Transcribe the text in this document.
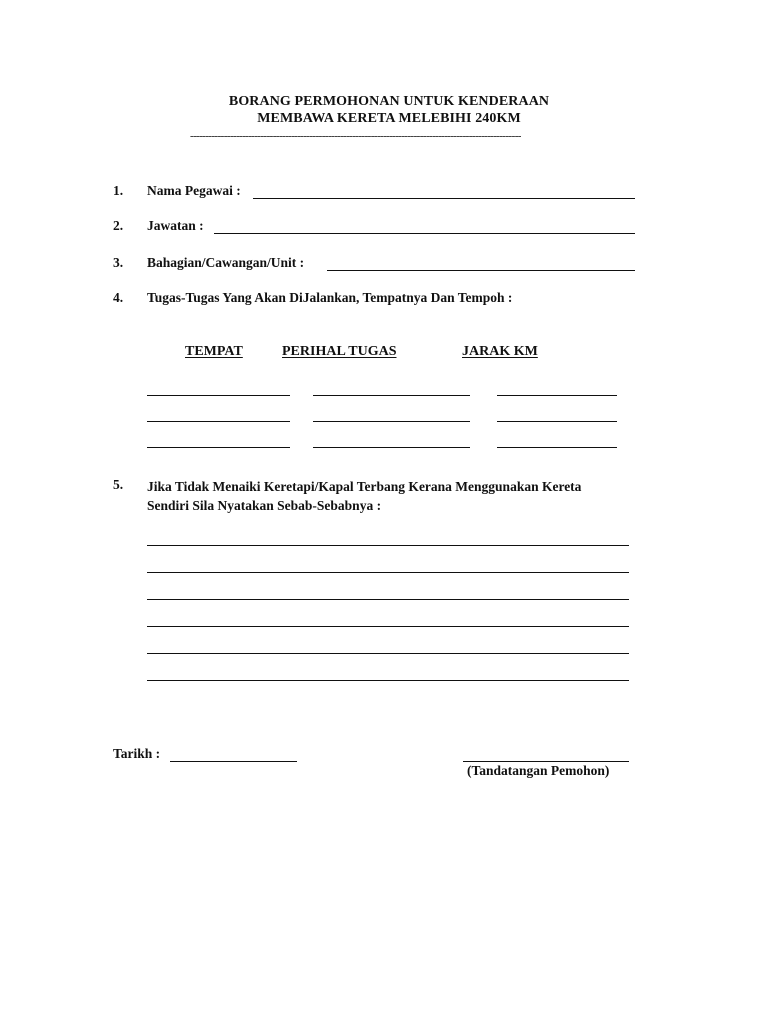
BORANG PERMOHONAN UNTUK KENDERAAN
MEMBAWA KERETA MELEBIHI 240KM
------------------------------------------------------------------------------------------------------------
1. Nama Pegawai :
2. Jawatan :
3. Bahagian/Cawangan/Unit :
4. Tugas-Tugas Yang Akan DiJalankan, Tempatnya Dan Tempoh :
TEMPAT	PERIHAL TUGAS	JARAK KM
5. Jika Tidak Menaiki Keretapi/Kapal Terbang Kerana Menggunakan Kereta
Sendiri Sila Nyatakan Sebab-Sebabnya :
Tarikh :
(Tandatangan Pemohon)
